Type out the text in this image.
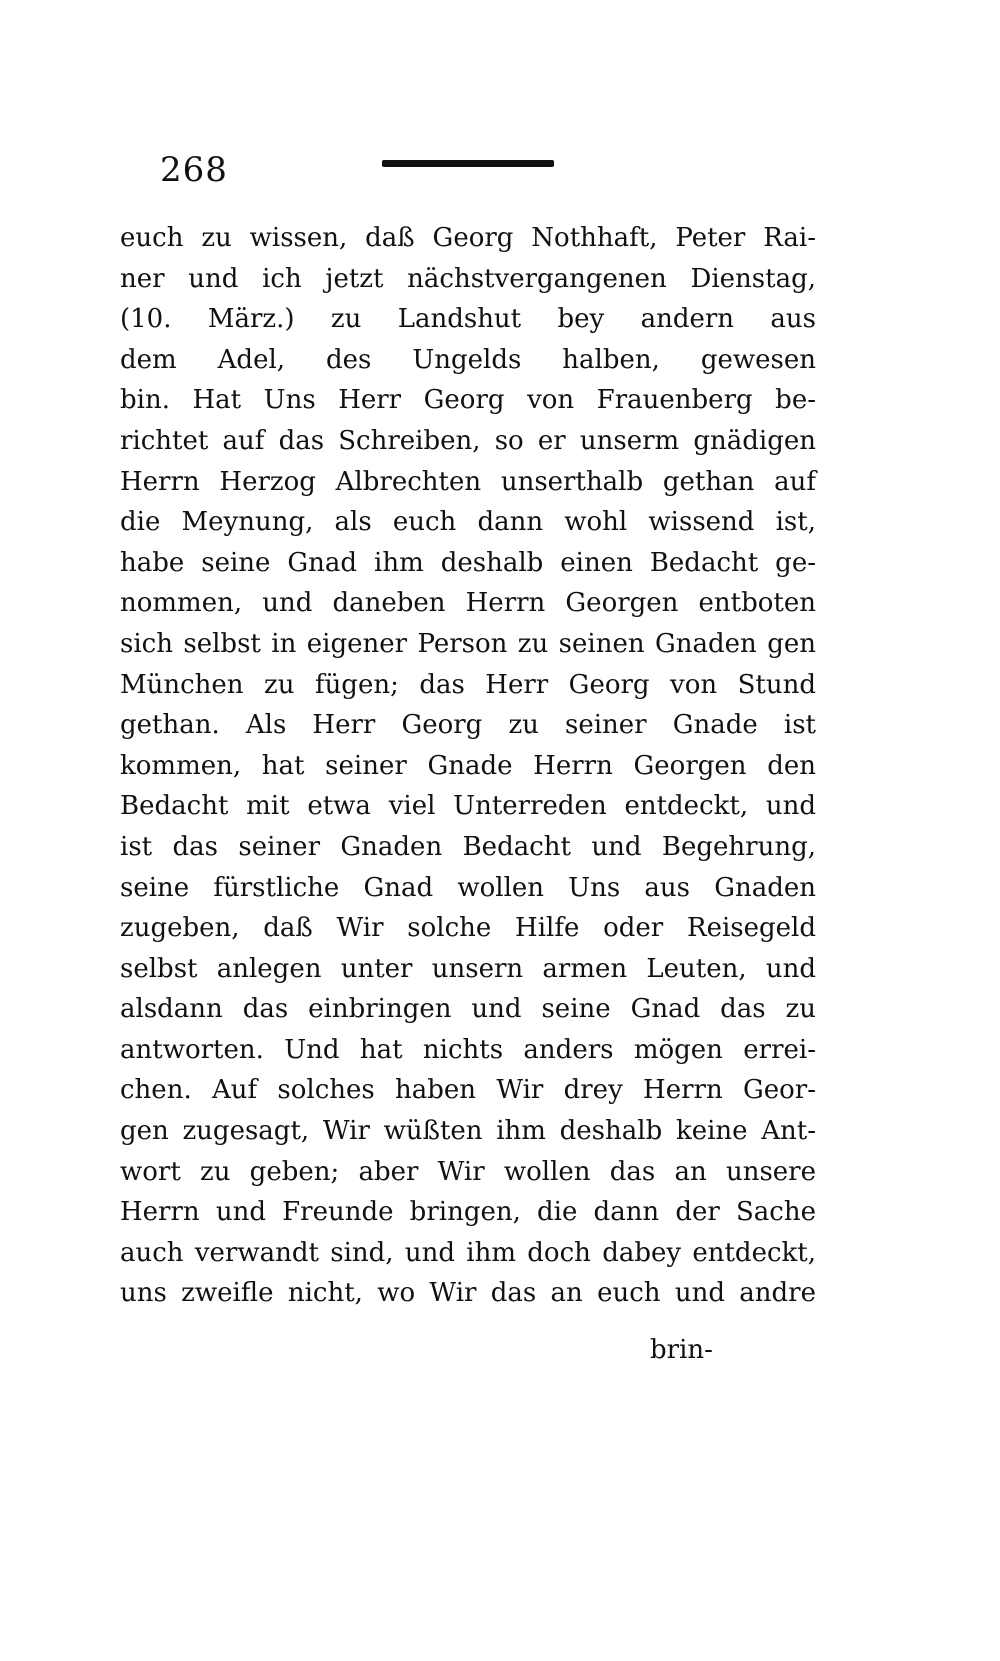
268
euch zu wissen, daß Georg Nothhaft, Peter Rai-
ner und ich jetzt nächstvergangenen Dienstag,
(10. März.) zu Landshut bey andern aus
dem Adel, des Ungelds halben, gewesen
bin. Hat Uns Herr Georg von Frauenberg be-
richtet auf das Schreiben, so er unserm gnädigen
Herrn Herzog Albrechten unserthalb gethan auf
die Meynung, als euch dann wohl wissend ist,
habe seine Gnad ihm deshalb einen Bedacht ge-
nommen, und daneben Herrn Georgen entboten
sich selbst in eigener Person zu seinen Gnaden gen
München zu fügen; das Herr Georg von Stund
gethan. Als Herr Georg zu seiner Gnade ist
kommen, hat seiner Gnade Herrn Georgen den
Bedacht mit etwa viel Unterreden entdeckt, und
ist das seiner Gnaden Bedacht und Begehrung,
seine fürstliche Gnad wollen Uns aus Gnaden
zugeben, daß Wir solche Hilfe oder Reisegeld
selbst anlegen unter unsern armen Leuten, und
alsdann das einbringen und seine Gnad das zu
antworten. Und hat nichts anders mögen errei-
chen. Auf solches haben Wir drey Herrn Geor-
gen zugesagt, Wir wüßten ihm deshalb keine Ant-
wort zu geben; aber Wir wollen das an unsere
Herrn und Freunde bringen, die dann der Sache
auch verwandt sind, und ihm doch dabey entdeckt,
uns zweifle nicht, wo Wir das an euch und andre
brin-
